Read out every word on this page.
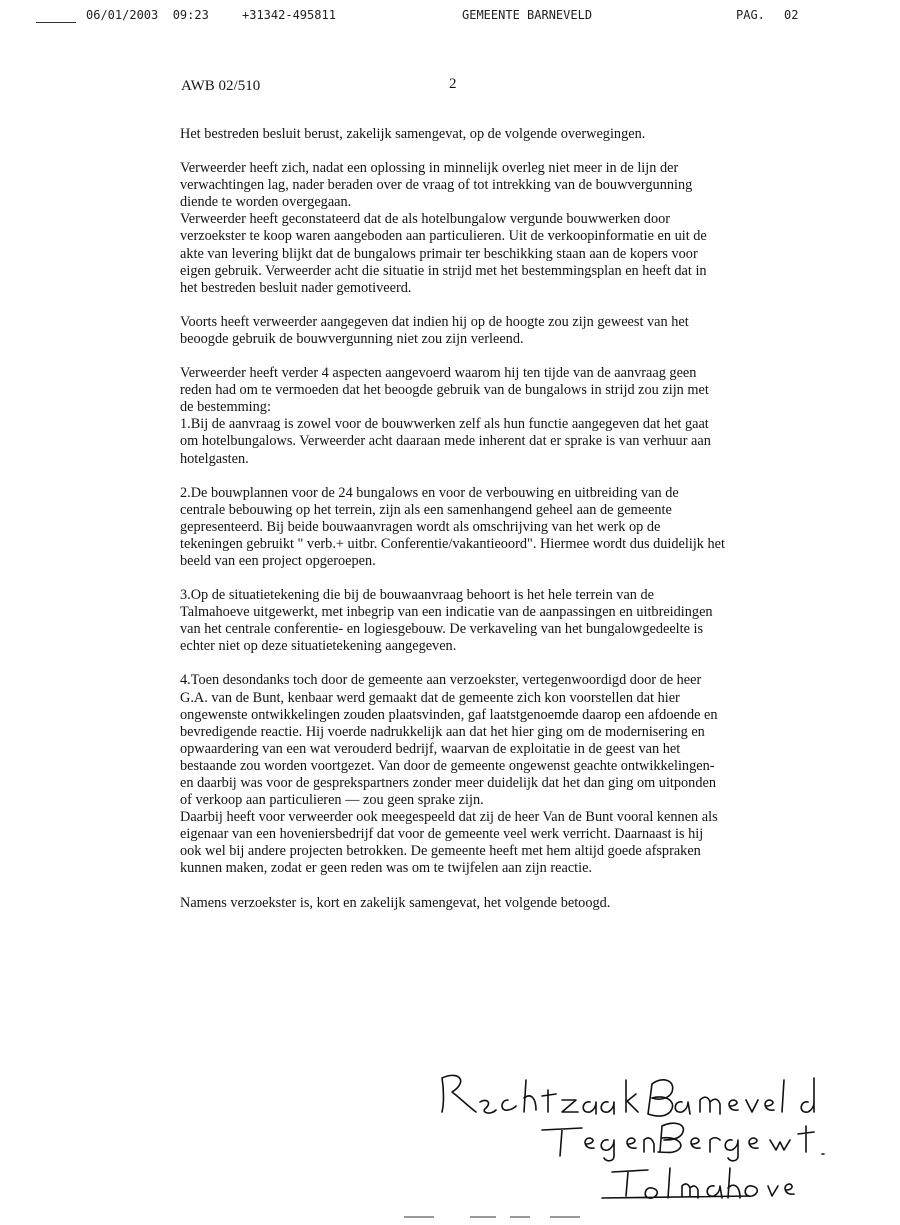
06/01/2003  09:23	+31342-495811	GEMEENTE BARNEVELD	PAG. 02
AWB 02/510	2

Het bestreden besluit berust, zakelijk samengevat, op de volgende overwegingen.

Verweerder heeft zich, nadat een oplossing in minnelijk overleg niet meer in de lijn der verwachtingen lag, nader beraden over de vraag of tot intrekking van de bouwvergunning diende te worden overgegaan.

Verweerder heeft geconstateerd dat de als hotelbungalow vergunde bouwwerken door verzoekster te koop waren aangeboden aan particulieren. Uit de verkoopinformatie en uit de akte van levering blijkt dat de bungalows primair ter beschikking staan aan de kopers voor eigen gebruik. Verweerder acht die situatie in strijd met het bestemmingsplan en heeft dat in het bestreden besluit nader gemotiveerd.

Voorts heeft verweerder aangegeven dat indien hij op de hoogte zou zijn geweest van het beoogde gebruik de bouwvergunning niet zou zijn verleend.

Verweerder heeft verder 4 aspecten aangevoerd waarom hij ten tijde van de aanvraag geen reden had om te vermoeden dat het beoogde gebruik van de bungalows in strijd zou zijn met de bestemming:

1.Bij de aanvraag is zowel voor de bouwwerken zelf als hun functie aangegeven dat het gaat om hotelbungalows. Verweerder acht daaraan mede inherent dat er sprake is van verhuur aan hotelgasten.

2.De bouwplannen voor de 24 bungalows en voor de verbouwing en uitbreiding van de centrale bebouwing op het terrein, zijn als een samenhangend geheel aan de gemeente gepresenteerd. Bij beide bouwaanvragen wordt als omschrijving van het werk op de tekeningen gebruikt " verb.+ uitbr. Conferentie/vakantieoord". Hiermee wordt dus duidelijk het beeld van een project opgeroepen.

3.Op de situatietekening die bij de bouwaanvraag behoort is het hele terrein van de Talmahoeve uitgewerkt, met inbegrip van een indicatie van de aanpassingen en uitbreidingen van het centrale conferentie- en logiesgebouw. De verkaveling van het bungalowgedeelte is echter niet op deze situatietekening aangegeven.

4.Toen desondanks toch door de gemeente aan verzoekster, vertegenwoordigd door de heer G.A. van de Bunt, kenbaar werd gemaakt dat de gemeente zich kon voorstellen dat hier ongewenste ontwikkelingen zouden plaatsvinden, gaf laatstgenoemde daarop een afdoende en bevredigende reactie. Hij voerde nadrukkelijk aan dat het hier ging om de modernisering en opwaardering van een wat verouderd bedrijf, waarvan de exploitatie in de geest van het bestaande zou worden voortgezet. Van door de gemeente ongewenst geachte ontwikkelingen- en daarbij was voor de gesprekspartners zonder meer duidelijk dat het dan ging om uitponden of verkoop aan particulieren — zou geen sprake zijn.

Daarbij heeft voor verweerder ook meegespeeld dat zij de heer Van de Bunt vooral kennen als eigenaar van een hoveniersbedrijf dat voor de gemeente veel werk verricht. Daarnaast is hij ook wel bij andere projecten betrokken. De gemeente heeft met hem altijd goede afspraken kunnen maken, zodat er geen reden was om te twijfelen aan zijn reactie.

Namens verzoekster is, kort en zakelijk samengevat, het volgende betoogd.
